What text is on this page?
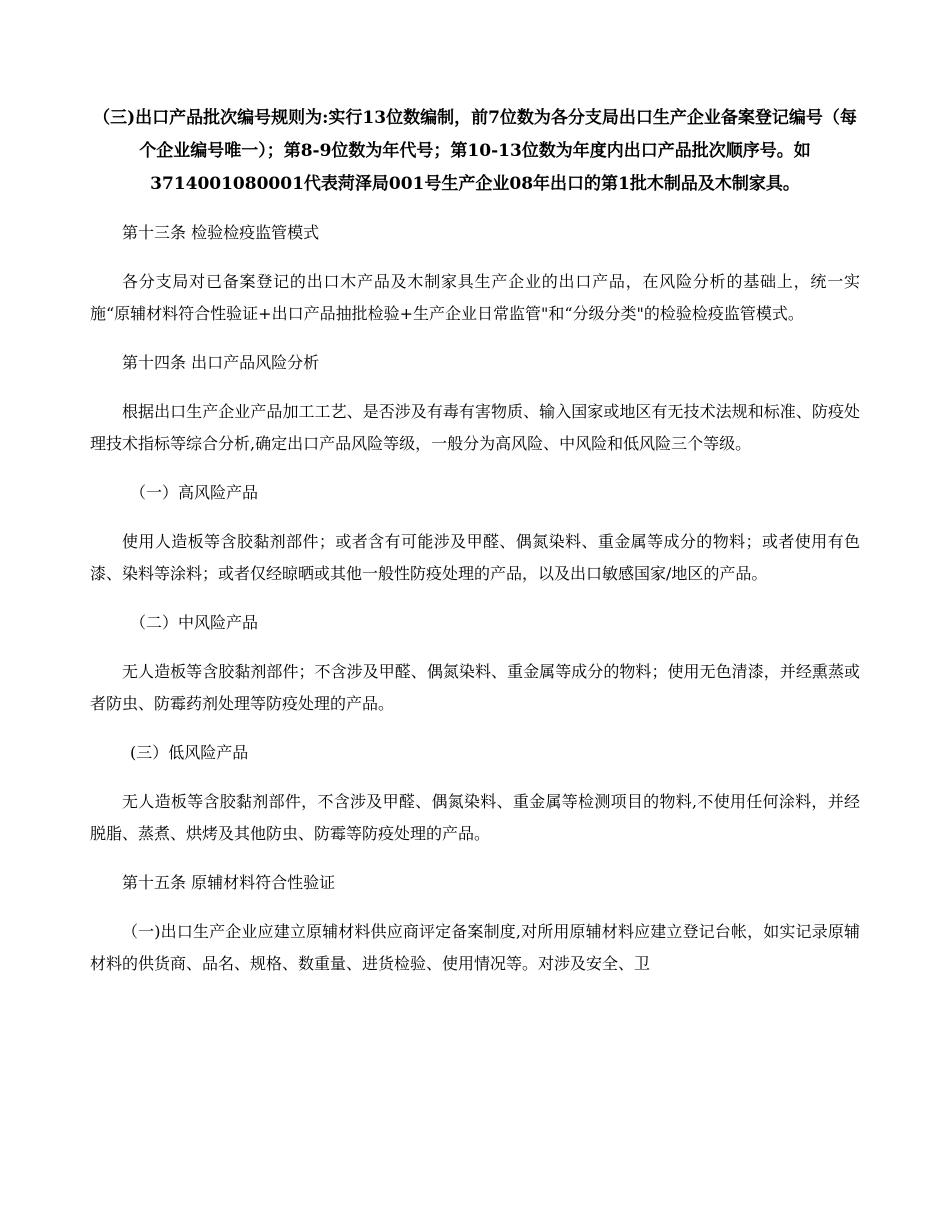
（三)出口产品批次编号规则为:实行13位数编制，前7位数为各分支局出口生产企业备案登记编号（每个企业编号唯一）；第8-9位数为年代号；第10-13位数为年度内出口产品批次顺序号。如3714001080001代表菏泽局001号生产企业08年出口的第1批木制品及木制家具。

第十三条 检验检疫监管模式

各分支局对已备案登记的出口木产品及木制家具生产企业的出口产品，在风险分析的基础上，统一实施“原辅材料符合性验证+出口产品抽批检验+生产企业日常监管"和“分级分类"的检验检疫监管模式。

第十四条 出口产品风险分析

根据出口生产企业产品加工工艺、是否涉及有毒有害物质、输入国家或地区有无技术法规和标准、防疫处理技术指标等综合分析,确定出口产品风险等级，一般分为高风险、中风险和低风险三个等级。

（一）高风险产品

使用人造板等含胶黏剂部件；或者含有可能涉及甲醛、偶氮染料、重金属等成分的物料；或者使用有色漆、染料等涂料；或者仅经晾晒或其他一般性防疫处理的产品，以及出口敏感国家/地区的产品。

（二）中风险产品

无人造板等含胶黏剂部件；不含涉及甲醛、偶氮染料、重金属等成分的物料；使用无色清漆，并经熏蒸或者防虫、防霉药剂处理等防疫处理的产品。

(三）低风险产品

无人造板等含胶黏剂部件，不含涉及甲醛、偶氮染料、重金属等检测项目的物料,不使用任何涂料，并经脱脂、蒸煮、烘烤及其他防虫、防霉等防疫处理的产品。

第十五条 原辅材料符合性验证

（一)出口生产企业应建立原辅材料供应商评定备案制度,对所用原辅材料应建立登记台帐，如实记录原辅材料的供货商、品名、规格、数重量、进货检验、使用情况等。对涉及安全、卫
